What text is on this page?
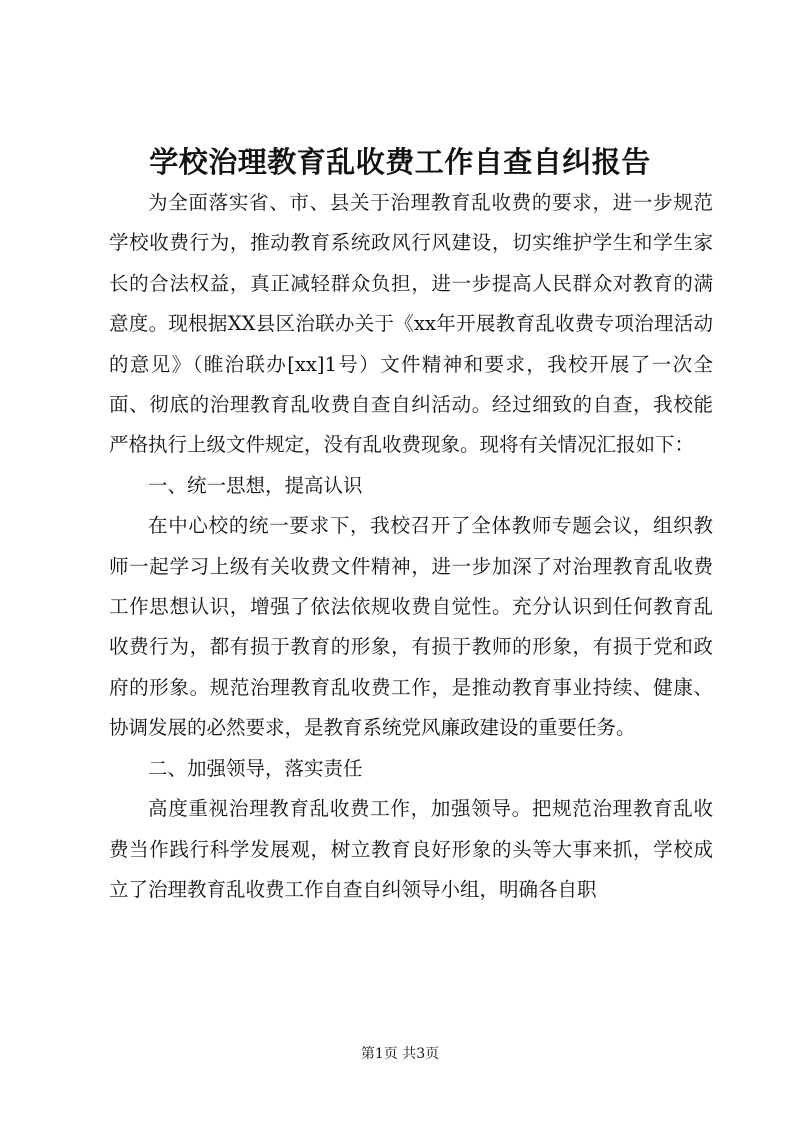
学校治理教育乱收费工作自查自纠报告

为全面落实省、市、县关于治理教育乱收费的要求，进一步规范学校收费行为，推动教育系统政风行风建设，切实维护学生和学生家长的合法权益，真正减轻群众负担，进一步提高人民群众对教育的满意度。现根据XX县区治联办关于《xx年开展教育乱收费专项治理活动的意见》（睢治联办[xx]1号）文件精神和要求，我校开展了一次全面、彻底的治理教育乱收费自查自纠活动。经过细致的自查，我校能严格执行上级文件规定，没有乱收费现象。现将有关情况汇报如下：

一、统一思想，提高认识

在中心校的统一要求下，我校召开了全体教师专题会议，组织教师一起学习上级有关收费文件精神，进一步加深了对治理教育乱收费工作思想认识，增强了依法依规收费自觉性。充分认识到任何教育乱收费行为，都有损于教育的形象，有损于教师的形象，有损于党和政府的形象。规范治理教育乱收费工作，是推动教育事业持续、健康、协调发展的必然要求，是教育系统党风廉政建设的重要任务。

二、加强领导，落实责任

高度重视治理教育乱收费工作，加强领导。把规范治理教育乱收费当作践行科学发展观，树立教育良好形象的头等大事来抓，学校成立了治理教育乱收费工作自查自纠领导小组，明确各自职

第1页 共3页
